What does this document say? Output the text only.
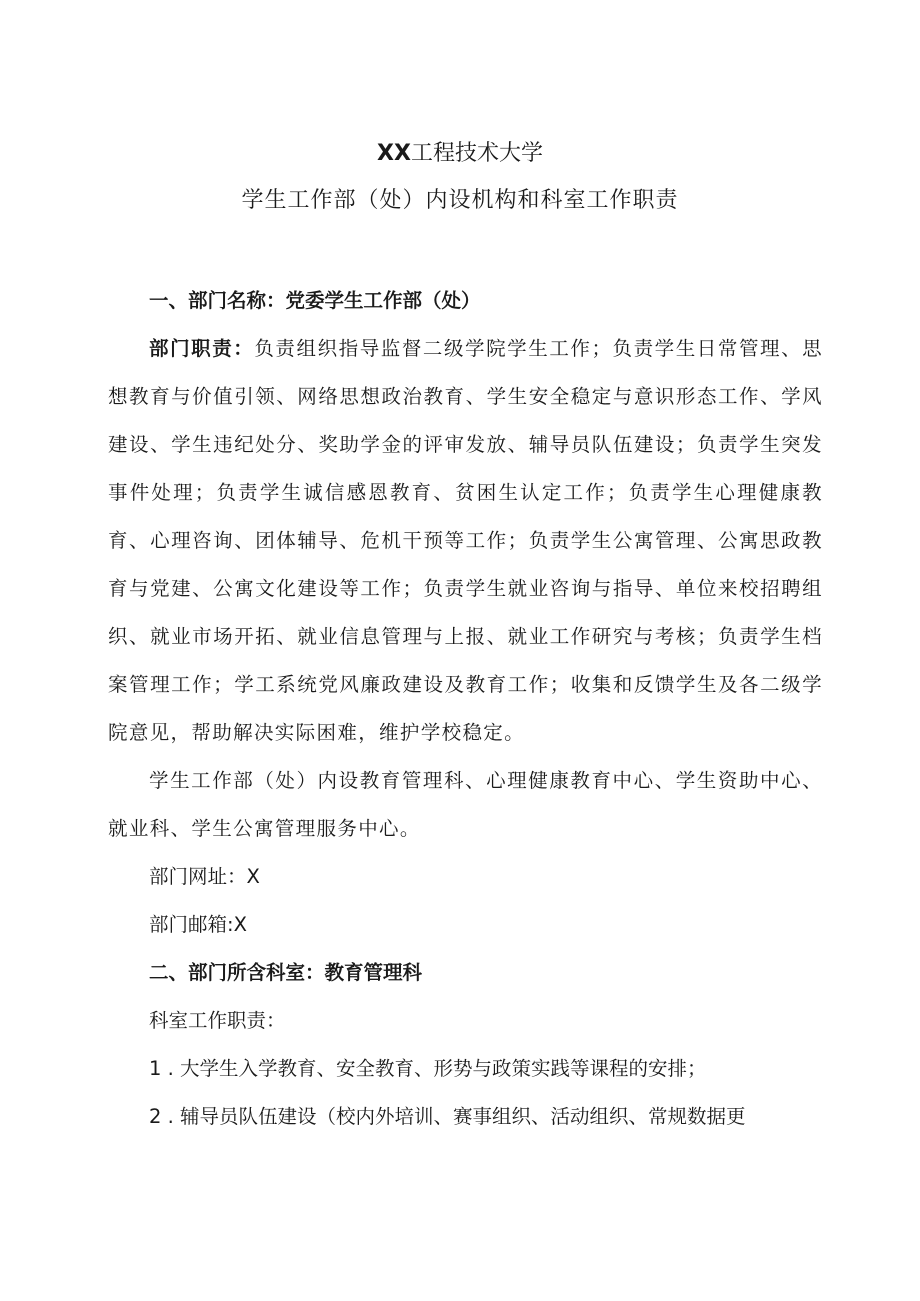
XX工程技术大学
学生工作部（处）内设机构和科室工作职责

一、部门名称：党委学生工作部（处）

部门职责：负责组织指导监督二级学院学生工作；负责学生日常管理、思想教育与价值引领、网络思想政治教育、学生安全稳定与意识形态工作、学风建设、学生违纪处分、奖助学金的评审发放、辅导员队伍建设；负责学生突发事件处理；负责学生诚信感恩教育、贫困生认定工作；负责学生心理健康教育、心理咨询、团体辅导、危机干预等工作；负责学生公寓管理、公寓思政教育与党建、公寓文化建设等工作；负责学生就业咨询与指导、单位来校招聘组织、就业市场开拓、就业信息管理与上报、就业工作研究与考核；负责学生档案管理工作；学工系统党风廉政建设及教育工作；收集和反馈学生及各二级学院意见，帮助解决实际困难，维护学校稳定。

学生工作部（处）内设教育管理科、心理健康教育中心、学生资助中心、就业科、学生公寓管理服务中心。

部门网址：X

部门邮箱:X

二、部门所含科室：教育管理科

科室工作职责：

1 . 大学生入学教育、安全教育、形势与政策实践等课程的安排；

2 . 辅导员队伍建设（校内外培训、赛事组织、活动组织、常规数据更
